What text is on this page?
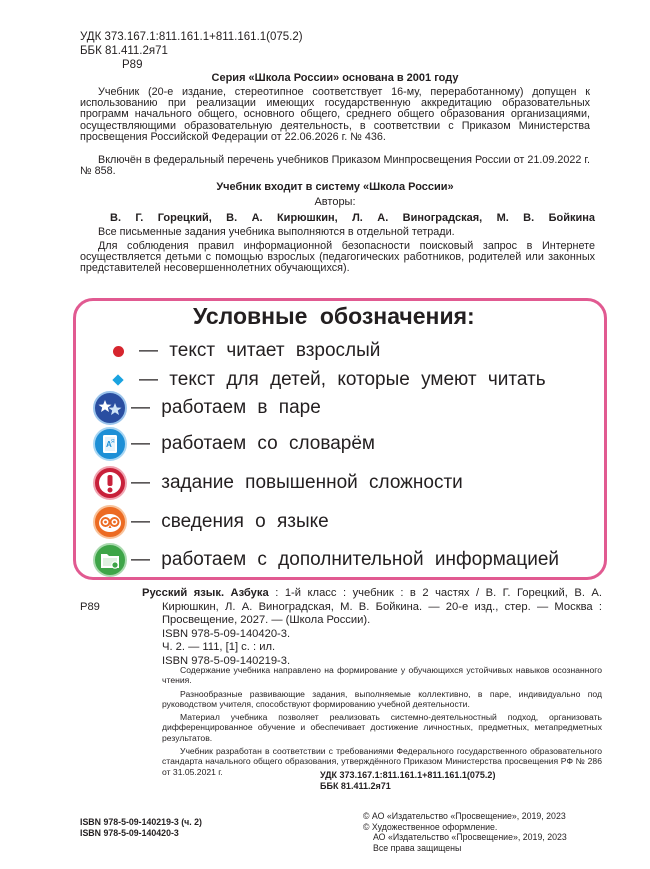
УДК 373.167.1:811.161.1+811.161.1(075.2)
ББК 81.411.2я71
Р89
Серия «Школа России» основана в 2001 году
Учебник (20-е издание, стереотипное соответствует 16-му, переработанному) допущен к использованию при реализации имеющих государственную аккредитацию образовательных программ начального общего, основного общего, среднего общего образования организациями, осуществляющими образовательную деятельность, в соответствии с Приказом Министерства просвещения Российской Федерации от 22.06.2026 г. № 436.
Включён в федеральный перечень учебников Приказом Минпросвещения России от 21.09.2022 г. № 858.
Учебник входит в систему «Школа России»
Авторы:
В. Г. Горецкий, В. А. Кирюшкин, Л. А. Виноградская, М. В. Бойкина
Все письменные задания учебника выполняются в отдельной тетради.
Для соблюдения правил информационной безопасности поисковый запрос в Интернете осуществляется детьми с помощью взрослых (педагогических работников, родителей или законных представителей несовершеннолетних обучающихся).
Условные обозначения:
— текст читает взрослый
— текст для детей, которые умеют читать
— работаем в паре
A Я — работаем со словарём
— задание повышенной сложности
— сведения о языке
— работаем с дополнительной информацией
Р89
Русский язык. Азбука : 1-й класс : учебник : в 2 частях / В. Г. Горецкий, В. А. Кирюшкин, Л. А. Виноградская, М. В. Бойкина. — 20-е изд., стер. — Москва : Просвещение, 2027. — (Школа России).
ISBN 978-5-09-140420-3.
Ч. 2. — 111, [1] с. : ил.
ISBN 978-5-09-140219-3.
Содержание учебника направлено на формирование у обучающихся устойчивых навыков осознанного чтения.
Разнообразные развивающие задания, выполняемые коллективно, в паре, индивидуально под руководством учителя, способствуют формированию учебной деятельности.
Материал учебника позволяет реализовать системно-деятельностный подход, организовать дифференцированное обучение и обеспечивает достижение личностных, предметных, метапредметных результатов.
Учебник разработан в соответствии с требованиями Федерального государственного образовательного стандарта начального общего образования, утверждённого Приказом Министерства просвещения РФ № 286 от 31.05.2021 г.	УДК 373.167.1:811.161.1+811.161.1(075.2)
ББК 81.411.2я71
ISBN 978-5-09-140219-3 (ч. 2)
ISBN 978-5-09-140420-3
© АО «Издательство «Просвещение», 2019, 2023
© Художественное оформление.
АО «Издательство «Просвещение», 2019, 2023
Все права защищены
